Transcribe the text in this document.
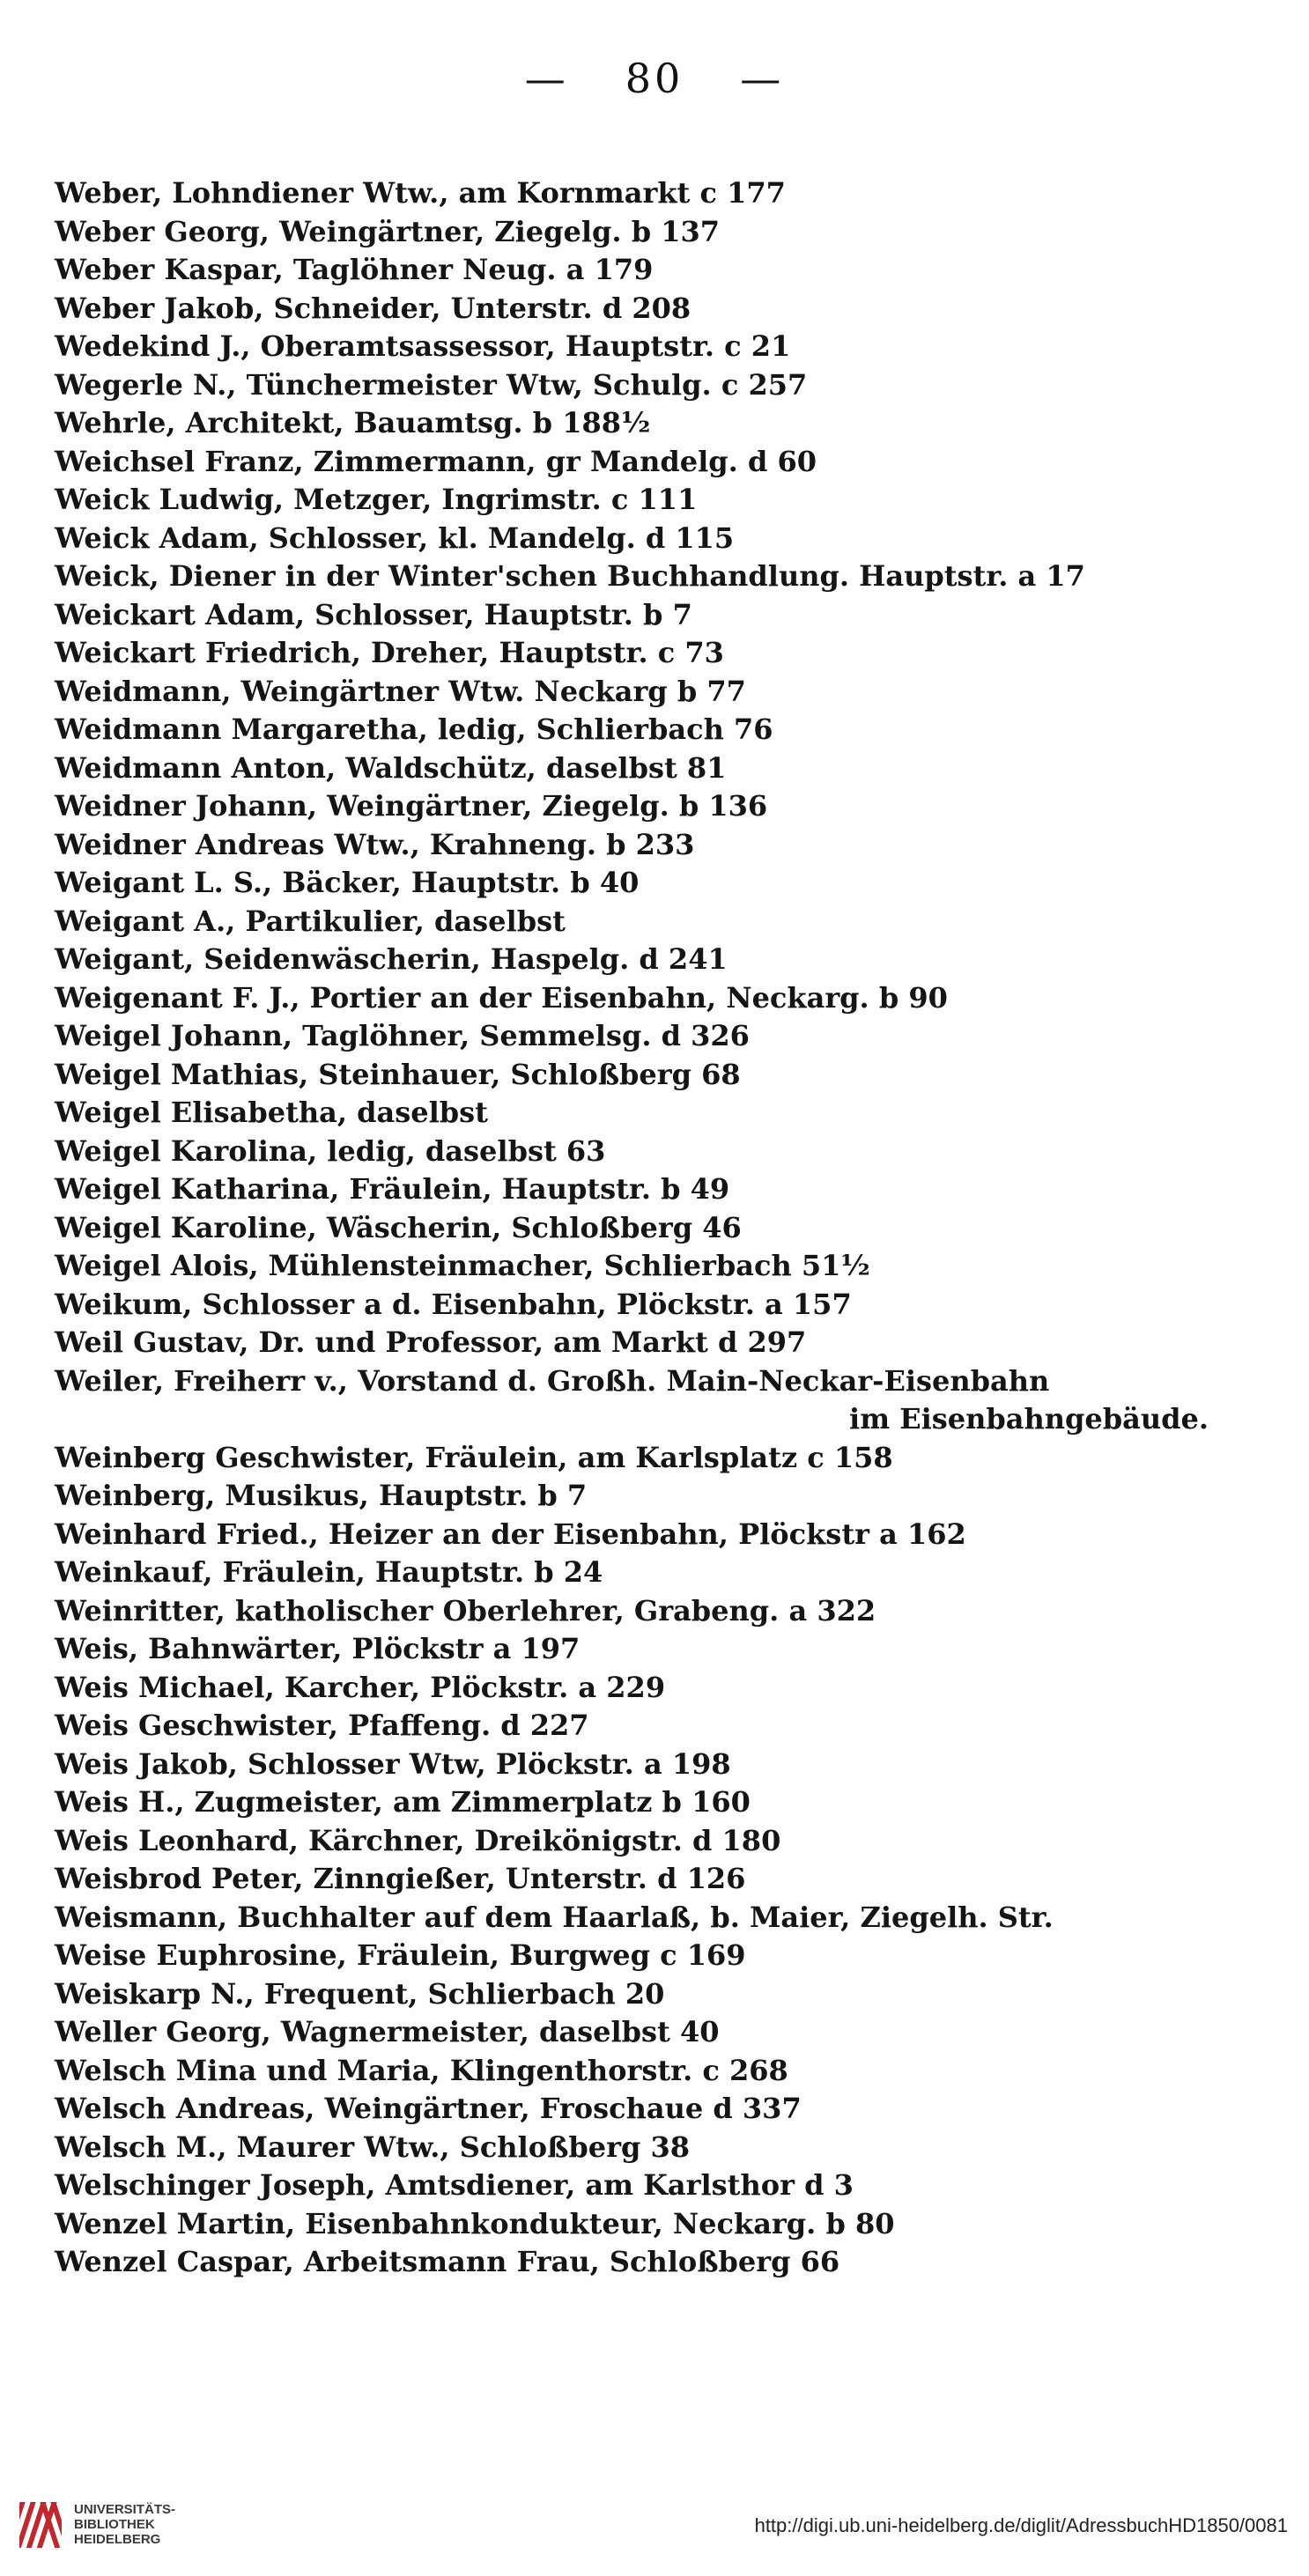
— 80 —
Weber, Lohndiener Wtw., am Kornmarkt c 177
Weber Georg, Weingärtner, Ziegelg. b 137
Weber Kaspar, Taglöhner Neug. a 179
Weber Jakob, Schneider, Unterstr. d 208
Wedekind J., Oberamtsassessor, Hauptstr. c 21
Wegerle N., Tünchermeister Wtw, Schulg. c 257
Wehrle, Architekt, Bauamtsg. b 188½
Weichsel Franz, Zimmermann, gr Mandelg. d 60
Weick Ludwig, Metzger, Ingrimstr. c 111
Weick Adam, Schlosser, kl. Mandelg. d 115
Weick, Diener in der Winter'schen Buchhandlung. Hauptstr. a 17
Weickart Adam, Schlosser, Hauptstr. b 7
Weickart Friedrich, Dreher, Hauptstr. c 73
Weidmann, Weingärtner Wtw. Neckarg b 77
Weidmann Margaretha, ledig, Schlierbach 76
Weidmann Anton, Waldschütz, daselbst 81
Weidner Johann, Weingärtner, Ziegelg. b 136
Weidner Andreas Wtw., Krahneng. b 233
Weigant L. S., Bäcker, Hauptstr. b 40
Weigant A., Partikulier, daselbst
Weigant, Seidenwäscherin, Haspelg. d 241
Weigenant F. J., Portier an der Eisenbahn, Neckarg. b 90
Weigel Johann, Taglöhner, Semmelsg. d 326
Weigel Mathias, Steinhauer, Schloßberg 68
Weigel Elisabetha, daselbst
Weigel Karolina, ledig, daselbst 63
Weigel Katharina, Fräulein, Hauptstr. b 49
Weigel Karoline, Wäscherin, Schloßberg 46
Weigel Alois, Mühlensteinmacher, Schlierbach 51½
Weikum, Schlosser a d. Eisenbahn, Plöckstr. a 157
Weil Gustav, Dr. und Professor, am Markt d 297
Weiler, Freiherr v., Vorstand d. Großh. Main-Neckar-Eisenbahn
im Eisenbahngebäude.
Weinberg Geschwister, Fräulein, am Karlsplatz c 158
Weinberg, Musikus, Hauptstr. b 7
Weinhard Fried., Heizer an der Eisenbahn, Plöckstr a 162
Weinkauf, Fräulein, Hauptstr. b 24
Weinritter, katholischer Oberlehrer, Grabeng. a 322
Weis, Bahnwärter, Plöckstr a 197
Weis Michael, Karcher, Plöckstr. a 229
Weis Geschwister, Pfaffeng. d 227
Weis Jakob, Schlosser Wtw, Plöckstr. a 198
Weis H., Zugmeister, am Zimmerplatz b 160
Weis Leonhard, Kärchner, Dreikönigstr. d 180
Weisbrod Peter, Zinngießer, Unterstr. d 126
Weismann, Buchhalter auf dem Haarlaß, b. Maier, Ziegelh. Str.
Weise Euphrosine, Fräulein, Burgweg c 169
Weiskarp N., Frequent, Schlierbach 20
Weller Georg, Wagnermeister, daselbst 40
Welsch Mina und Maria, Klingenthorstr. c 268
Welsch Andreas, Weingärtner, Froschaue d 337
Welsch M., Maurer Wtw., Schloßberg 38
Welschinger Joseph, Amtsdiener, am Karlsthor d 3
Wenzel Martin, Eisenbahnkondukteur, Neckarg. b 80
Wenzel Caspar, Arbeitsmann Frau, Schloßberg 66
UNIVERSITÄTS-
BIBLIOTHEK
HEIDELBERG
http://digi.ub.uni-heidelberg.de/diglit/AdressbuchHD1850/0081
